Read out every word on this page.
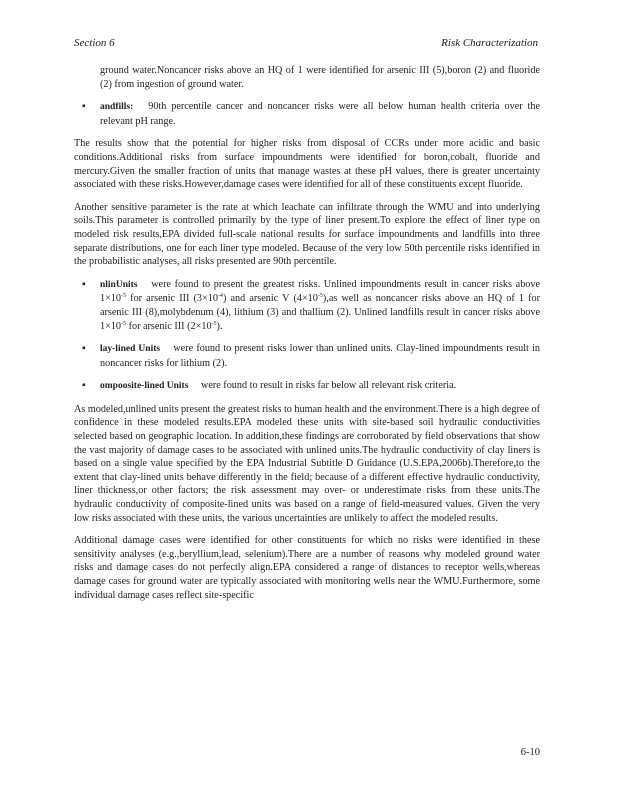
Section 6	Risk Characterization

ground water.Noncancer risks above an HQ of 1 were identified for arsenic III (5),boron (2) and fluoride (2) from ingestion of ground water.

▪ andfills: 90th percentile cancer and noncancer risks were all below human health criteria over the relevant pH range.

The results show that the potential for higher risks from disposal of CCRs under more acidic and basic conditions.Additional risks from surface impoundments were identified for boron,cobalt, fluoride and mercury.Given the smaller fraction of units that manage wastes at these pH values, there is greater uncertainty associated with these risks.However,damage cases were identified for all of these constituents except fluoride.

Another sensitive parameter is the rate at which leachate can infiltrate through the WMU and into underlying soils.This parameter is controlled primarily by the type of liner present.To explore the effect of liner type on modeled risk results,EPA divided full-scale national results for surface impoundments and landfills into three separate distributions, one for each liner type modeled. Because of the very low 50th percentile risks identified in the probabilistic analyses, all risks presented are 90th percentile.

▪ nlinUnits were found to present the greatest risks. Unlined impoundments result in cancer risks above $1\times 10^{-5}$ for arsenic III $(3\times 10^{-4})$ and arsenic V $(4\times 10^{-5}),as$ well as noncancer risks above an HQ of 1 for arsenic III (8),molybdenum (4), lithium (3) and thallium (2). Unlined landfills result in cancer risks above $1\times 10^{-5}$ for arsenic III $(2\times 10^{-5})$.
▪ lay-lined Units were found to present risks lower than unlined units. Clay-lined impoundments result in noncancer risks for lithium (2).
▪ ompoosite-lined Units were found to result in risks far below all relevant risk criteria.

As modeled,unlined units present the greatest risks to human health and the environment.There is a high degree of confidence in these modeled results.EPA modeled these units with site-based soil hydraulic conductivities selected based on geographic location. In addition,these findings are corroborated by field observations that show the vast majority of damage cases to be associated with unlined units.The hydraulic conductivity of clay liners is based on a single value specified by the EPA Industrial Subtitle D Guidance (U.S.EPA,2006b).Therefore,to the extent that clay-lined units behave differently in the field; because of a different effective hydraulic conductivity, liner thickness,or other factors; the risk assessment may over- or underestimate risks from these units.The hydraulic conductivity of composite-lined units was based on a range of field-measured values. Given the very low risks associated with these units, the various uncertainties are unlikely to affect the modeled results.

Additional damage cases were identified for other constituents for which no risks were identified in these sensitivity analyses (e.g.,beryllium,lead, selenium).There are a number of reasons why modeled ground water risks and damage cases do not perfectly align.EPA considered a range of distances to receptor wells,whereas damage cases for ground water are typically associated with monitoring wells near the WMU.Furthermore, some individual damage cases reflect site-specific

6-10
